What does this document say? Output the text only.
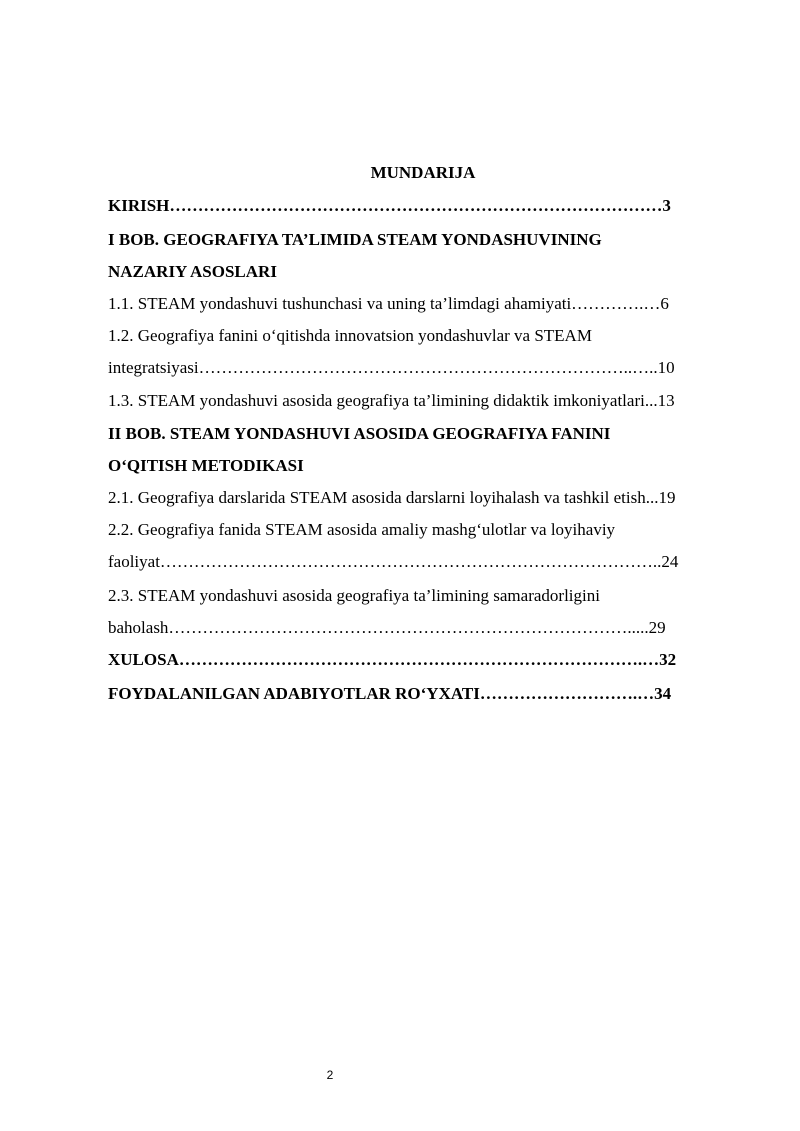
MUNDARIJA
KIRISH……………………………………………………………………………3
I BOB. GEOGRAFIYA TA’LIMIDA STEAM YONDASHUVINING
NAZARIY ASOSLARI
1.1. STEAM yondashuvi tushunchasi va uning ta’limdagi ahamiyati………….…6
1.2. Geografiya fanini o‘qitishda innovatsion yondashuvlar va STEAM
integratsiyasi…………………………………………………………………..…..10
1.3. STEAM yondashuvi asosida geografiya ta’limining didaktik imkoniyatlari...13
II BOB. STEAM YONDASHUVI ASOSIDA GEOGRAFIYA FANINI
O‘QITISH METODIKASI
2.1. Geografiya darslarida STEAM asosida darslarni loyihalash va tashkil etish...19
2.2. Geografiya fanida STEAM asosida amaliy mashg‘ulotlar va loyihaviy
faoliyat……………………………………………………………………………..24
2.3. STEAM yondashuvi asosida geografiya ta’limining samaradorligini
baholash……………………………………………………………………….....29
XULOSA……………………………………………………………………….…32
FOYDALANILGAN ADABIYOTLAR RO‘YXATI……………………….…34
2
